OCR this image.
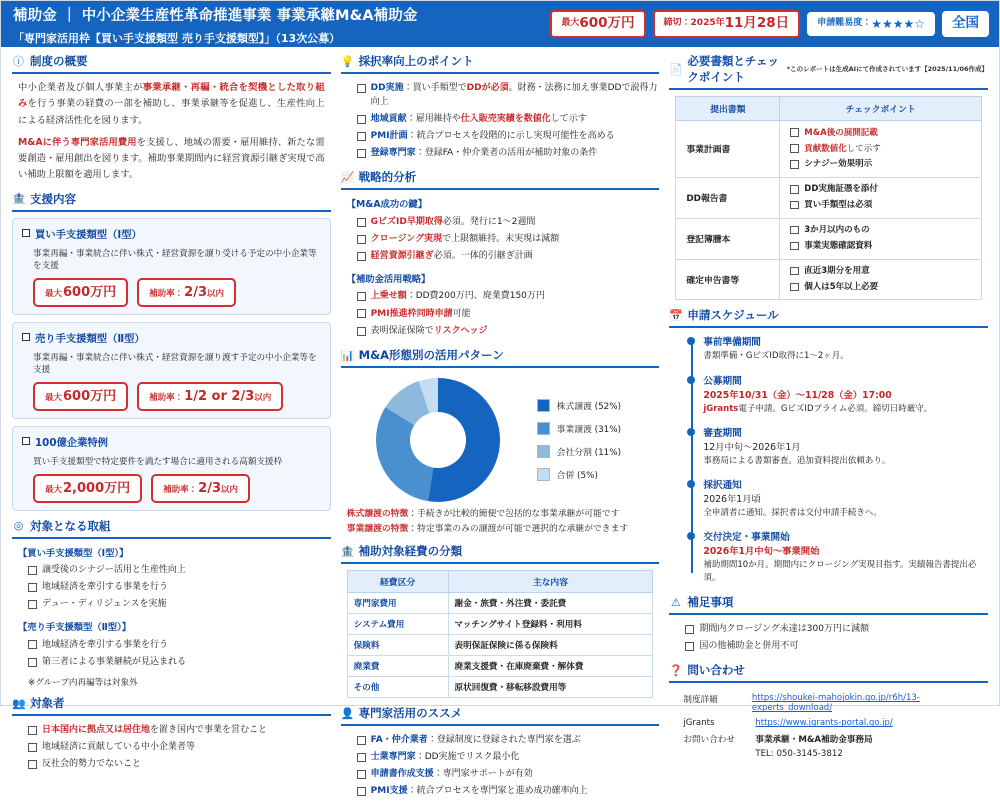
補助金 ｜ 中小企業生産性革命推進事業 事業承継M&A補助金
「専門家活用枠【買い手支援類型 売り手支援類型】」（13次公募）
最大 600万円	締切： 2025年 11月28日	申請難易度： ★★★★☆ 全国
ⓘ 制度の概要
中小企業者及び個人事業主が事業承継・再編・統合を契機とした取り組みを行う事業の経費の一部を補助し、事業承継等を促進し、生産性向上による経済活性化を図ります。
M&Aに伴う専門家活用費用を支援し、地域の需要・雇用維持、新たな需要創造・雇用創出を図ります。補助事業期間内に経営資源引継ぎ実現で高い補助上限額を適用します。
🏦 支援内容
買い手支援類型（Ⅰ型）
事業再編・事業統合に伴い株式・経営資源を譲り受ける予定の中小企業等を支援
最大 600万円	補助率： 2/3 以内
売り手支援類型（Ⅱ型）
事業再編・事業統合に伴い株式・経営資源を譲り渡す予定の中小企業等を支援
最大 600万円	補助率： 1/2 or 2/3 以内
100億企業特例
買い手支援類型で特定要件を満たす場合に適用される高額支援枠
最大 2,000万円	補助率： 2/3 以内
◎ 対象となる取組
【買い手支援類型（Ⅰ型）】
譲受後のシナジー活用と生産性向上
地域経済を牽引する事業を行う
デュー・ディリジェンスを実施
【売り手支援類型（Ⅱ型）】
地域経済を牽引する事業を行う
第三者による事業継続が見込まれる
※グループ内再編等は対象外
👥 対象者
日本国内に拠点又は居住地を置き国内で事業を営むこと
地域経済に貢献している中小企業者等
反社会的勢力でないこと
💡 採択率向上のポイント
DD実施：買い手類型でDDが必須。財務・法務に加え事業DDで説得力向上
地域貢献：雇用維持や仕入販売実績を数値化して示す
PMI計画：統合プロセスを段階的に示し実現可能性を高める
登録専門家：登録FA・仲介業者の活用が補助対象の条件
📈 戦略的分析
【M&A成功の鍵】
GビズID早期取得必須。発行に1〜2週間
クロージング実現で上限額維持。未実現は減額
経営資源引継ぎ必須。一体的引継ぎ計画
【補助金活用戦略】
上乗せ額：DD費200万円、廃業費150万円
PMI推進枠同時申請可能
表明保証保険でリスクヘッジ
📊 M&A形態別の活用パターン
株式譲渡 (52%)
事業譲渡 (31%)
会社分割 (11%)
合併 (5%)
株式譲渡の特徴：手続きが比較的簡便で包括的な事業承継が可能です
事業譲渡の特徴：特定事業のみの譲渡が可能で選択的な承継ができます
🏦 補助対象経費の分類
経費区分	主な内容
専門家費用	謝金・旅費・外注費・委託費
システム費用	マッチングサイト登録料・利用料
保険料	表明保証保険に係る保険料
廃業費	廃業支援費・在庫廃棄費・解体費
その他	原状回復費・移転移設費用等
👤 専門家活用のススメ
FA・仲介業者：登録制度に登録された専門家を選ぶ
士業専門家：DD実施でリスク最小化
申請書作成支援：専門家サポートが有効
PMI支援：統合プロセスを専門家と進め成功確率向上
📄
必要書類とチェックポイント
*このレポートは生成AIにて作成されています【2025/11/06作成】
提出書類	チェックポイント
事業計画書	
M&A後の展開記載
貢献数値化して示す
シナジー効果明示

DD報告書	
DD実施証憑を添付
買い手類型は必須

登記簿謄本	
3か月以内のもの
事業実態確認資料

確定申告書等	
直近3期分を用意
個人は5年以上必要
📅 申請スケジュール
事前準備期間
書類準備・GビズID取得に1〜2ヶ月。
公募期間
2025年10/31（金）〜11/28（金）17:00
jGrants電子申請。GビズIDプライム必須。締切日時厳守。
審査期間
12月中旬〜2026年1月
事務局による書類審査。追加資料提出依頼あり。
採択通知
2026年1月頃
全申請者に通知。採択者は交付申請手続きへ。
交付決定・事業開始
2026年1月中旬〜事業開始
補助期間10か月。期間内にクロージング実現目指す。実績報告書提出必須。
⚠ 補足事項
期間内クロージング未達は300万円に減額
国の他補助金と併用不可
❓ 問い合わせ
制度詳細	https://shoukei-mahojokin.go.jp/r6h/13-experts_download/
jGrants	https://www.jgrants-portal.go.jp/
お問い合わせ	事業承継・M&A補助金事務局
TEL: 050-3145-3812
